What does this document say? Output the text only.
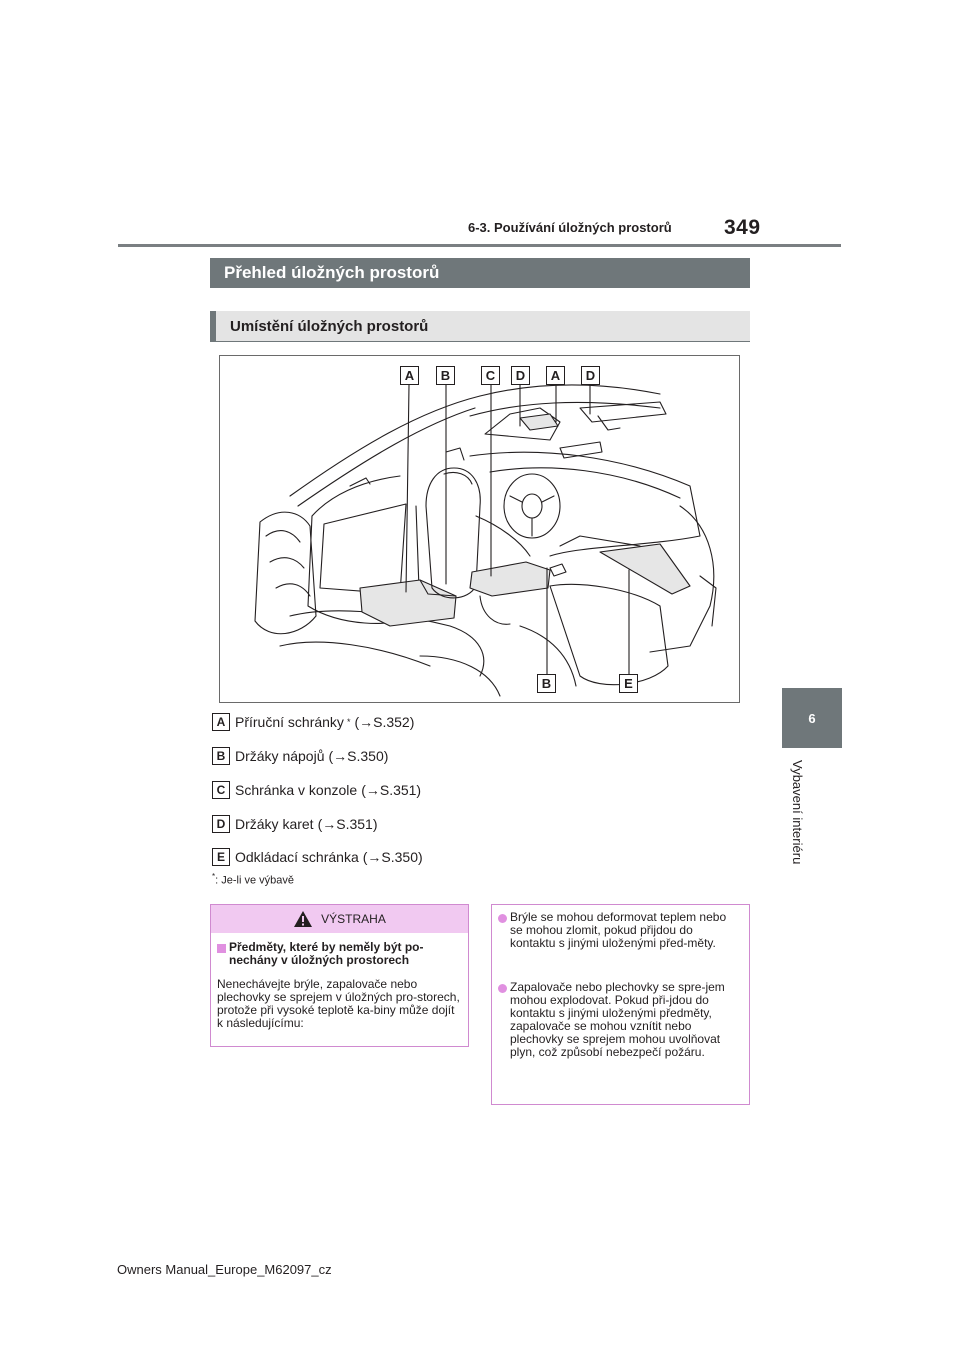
349
6-3. Používání úložných prostorů
6
Vybavení interiéru
Přehled úložných prostorů
Umístění úložných prostorů
A	B	C	D	A	D
B	E
A Příruční schránky * (→S.352)
B Držáky nápojů (→S.350)
C Schránka v konzole (→S.351)
D Držáky karet (→S.351)
E Odkládací schránka (→S.350)
*: Je-li ve výbavě
VÝSTRAHA
Předměty, které by neměly být po-nechány v úložných prostorech
Nenechávejte brýle, zapalovače nebo plechovky se sprejem v úložných pro-storech, protože při vysoké teplotě ka-biny může dojít k následujícímu:
Brýle se mohou deformovat teplem nebo se mohou zlomit, pokud přijdou do kontaktu s jinými uloženými před-měty.
Zapalovače nebo plechovky se spre-jem mohou explodovat. Pokud při-jdou do kontaktu s jinými uloženými předměty, zapalovače se mohou vznítit nebo plechovky se sprejem mohou uvolňovat plyn, což způsobí nebezpečí požáru.
Owners Manual_Europe_M62097_cz
